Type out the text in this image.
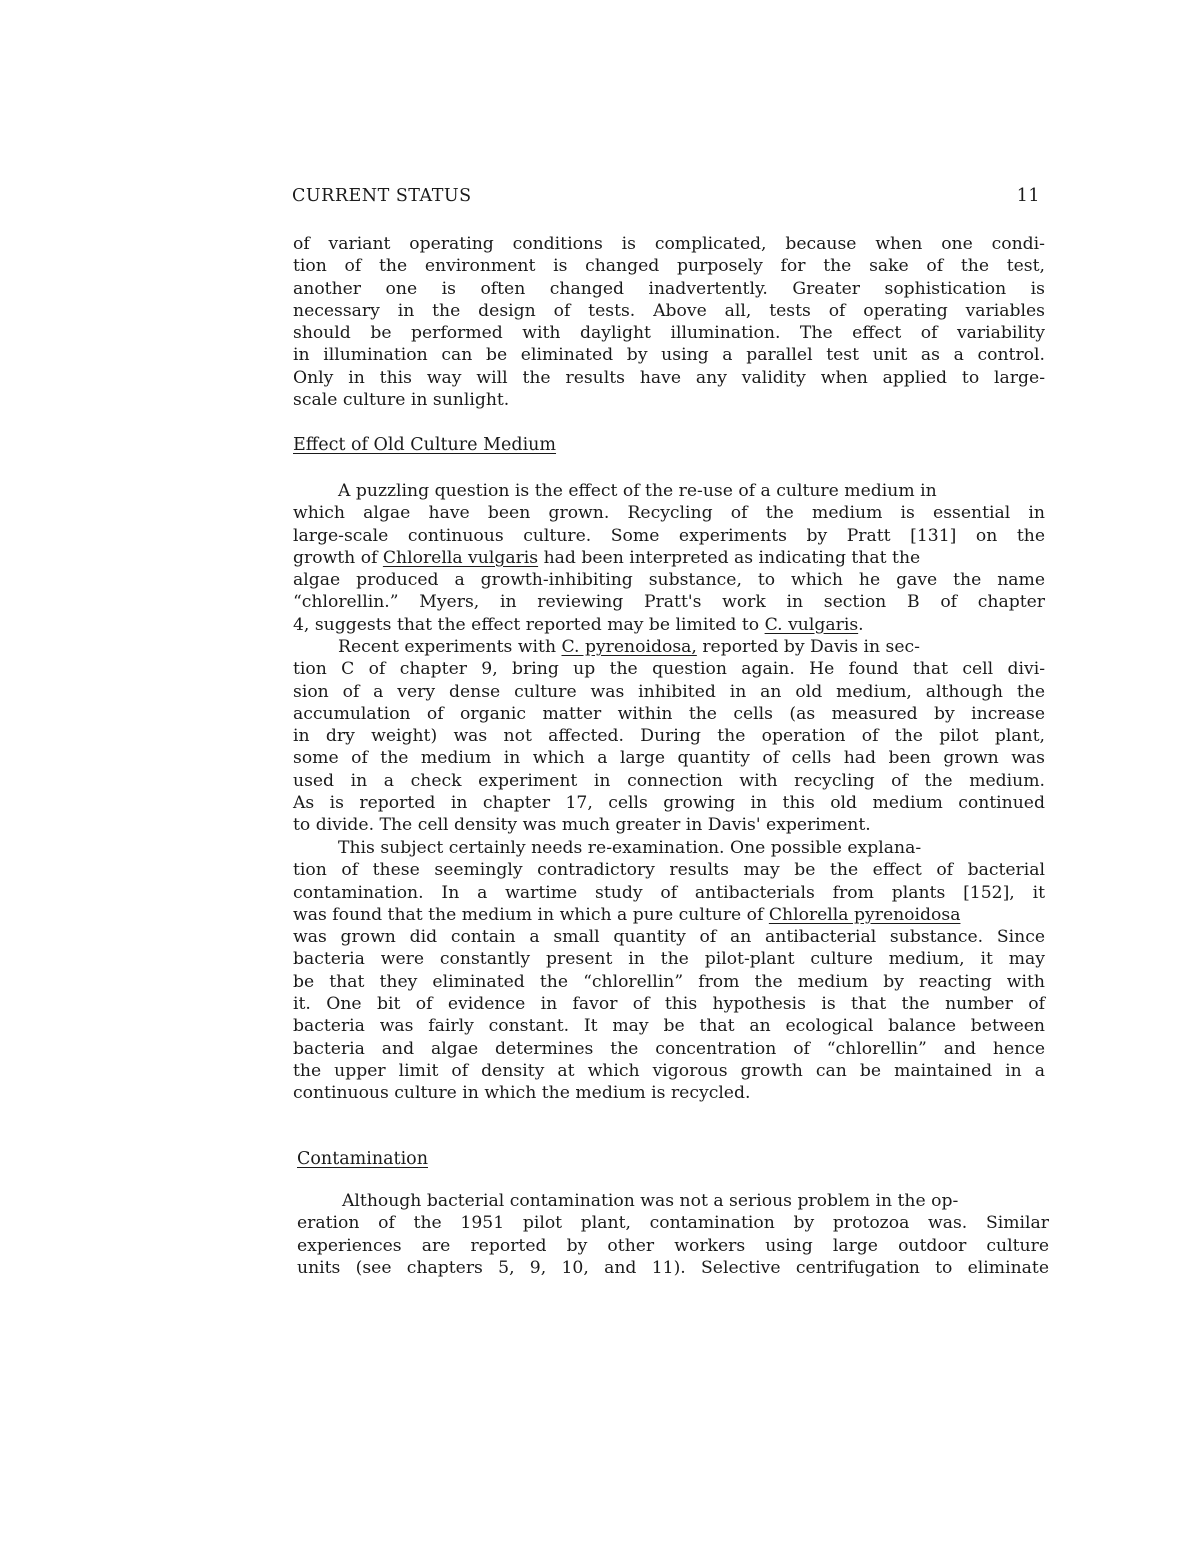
CURRENT STATUS	11
of variant operating conditions is complicated, because when one condi-
tion of the environment is changed purposely for the sake of the test,
another one is often changed inadvertently. Greater sophistication is
necessary in the design of tests. Above all, tests of operating variables
should be performed with daylight illumination. The effect of variability
in illumination can be eliminated by using a parallel test unit as a control.
Only in this way will the results have any validity when applied to large-
scale culture in sunlight.
Effect of Old Culture Medium
A puzzling question is the effect of the re-use of a culture medium in
which algae have been grown. Recycling of the medium is essential in
large-scale continuous culture. Some experiments by Pratt [131] on the
growth of Chlorella vulgaris had been interpreted as indicating that the
algae produced a growth-inhibiting substance, to which he gave the name
“chlorellin.” Myers, in reviewing Pratt's work in section B of chapter
4, suggests that the effect reported may be limited to C. vulgaris.
Recent experiments with C. pyrenoidosa, reported by Davis in sec-
tion C of chapter 9, bring up the question again. He found that cell divi-
sion of a very dense culture was inhibited in an old medium, although the
accumulation of organic matter within the cells (as measured by increase
in dry weight) was not affected. During the operation of the pilot plant,
some of the medium in which a large quantity of cells had been grown was
used in a check experiment in connection with recycling of the medium.
As is reported in chapter 17, cells growing in this old medium continued
to divide. The cell density was much greater in Davis' experiment.
This subject certainly needs re-examination. One possible explana-
tion of these seemingly contradictory results may be the effect of bacterial
contamination. In a wartime study of antibacterials from plants [152], it
was found that the medium in which a pure culture of Chlorella pyrenoidosa
was grown did contain a small quantity of an antibacterial substance. Since
bacteria were constantly present in the pilot-plant culture medium, it may
be that they eliminated the “chlorellin” from the medium by reacting with
it. One bit of evidence in favor of this hypothesis is that the number of
bacteria was fairly constant. It may be that an ecological balance between
bacteria and algae determines the concentration of “chlorellin” and hence
the upper limit of density at which vigorous growth can be maintained in a
continuous culture in which the medium is recycled.
Contamination
Although bacterial contamination was not a serious problem in the op-
eration of the 1951 pilot plant, contamination by protozoa was. Similar
experiences are reported by other workers using large outdoor culture
units (see chapters 5, 9, 10, and 11). Selective centrifugation to eliminate
